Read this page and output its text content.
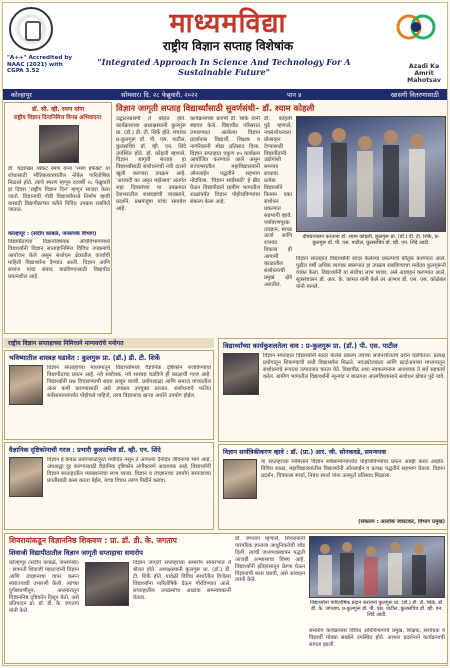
"A++" Accredited by NAAC (2021) with CGPA 3.52
माध्यमविद्या
राष्ट्रीय विज्ञान सप्ताह विशेषांक
"Integrated Approach In Science And Technology For A Sustainable Future"
Azadi Ka Amrit Mahotsav
कोल्हापूर	सोमवार। दि. २८ फेब्रुवारी, २०२२	पान ४	खासगी वितरणासाठी
डॉ. सी. व्ही. रमण यांना
राष्ट्रीय विज्ञान दिनानिमित्त विनम्र अभिवादन!
डॉ. चंद्रशेखर व्यंकट रमण यांना 'रमण इफेक्ट' या शोधासाठी भौतिकशास्त्रातील नोबेल पारितोषिक मिळाले होते. त्यांचे स्मरण म्हणून दरवर्षी २८ फेब्रुवारी हा दिवस 'राष्ट्रीय विज्ञान दिन' म्हणून साजरा केला जातो. विज्ञानाची गोडी विद्यार्थ्यांमध्ये निर्माण व्हावी यासाठी विद्यापीठाच्या वतीने विविध उपक्रम राबविले जातात.
कोल्हापूर : (संदीप कांबळे, जनसंपर्क विभाग)
विद्यापीठाच्या विज्ञानविषयक अधिविभागांमध्ये विद्यार्थ्यांनी विज्ञान सप्ताहानिमित्त विविध उपक्रमांचे आयोजन केले असून संशोधन क्षेत्रातील कार्याची माहिती विद्यार्थ्यांना देण्यात आली. विज्ञान आणि समाज यांचा संवाद वाढविण्यासाठी विद्यापीठ प्रयत्नशील आहे.
विज्ञान जागृती सप्ताह विद्यार्थ्यांसाठी सुवर्णसंधी– डॉ. श्याम कोहली
उद्घाटनप्रसंगी ते बोलत होते. कार्यक्रमाच्या अध्यक्षस्थानी कुलगुरू प्रा. (डॉ.) डी. टी. शिर्के होते. मंचावर प्र-कुलगुरू डॉ. पी. एस. पाटील, कुलसचिव डॉ. व्ही. एन. शिंदे उपस्थित होते. डॉ. कोहली म्हणाले, विज्ञान जागृती सप्ताह हा विद्यार्थ्यांसाठी संशोधनाची नवी दालने खुली करणारा उपक्रम आहे. 'आजादी का अमृत महोत्सव' अंतर्गत सहा दिवसांच्या या उपक्रमात देशभरातील शास्त्रज्ञांची व्याख्याने, प्रदर्शने, प्रश्नमंजूषा यांचा समावेश आहे.
कार्यक्रमाच्या प्रारंभी डॉ. शिर्के यांनी स्वागत केले. विद्यापीठ परिसरात उभारण्यात आलेल्या विज्ञान प्रदर्शनास विद्यार्थी, शिक्षक व नागरिकांनी मोठा प्रतिसाद दिला. विज्ञान सप्ताहात एकूण ४५ कार्यक्रम आयोजित करण्यात आले असून राज्यभरातील महाविद्यालयांनी ऑनलाईन पद्धतीने सहभाग नोंदविला. 'विज्ञान सर्वांसाठी' हे ब्रीद घेऊन विद्यापीठाने ग्रामीण भागातील शाळांपर्यंत विज्ञान पोहोचविण्याचा संकल्प केला आहे.
डॉ. कोहली पुढे म्हणाले, नवसंशोधनाला प्रोत्साहन देण्यासाठी विद्यापीठांनी उद्योगांशी समन्वय साधावा. प्रत्येक विद्यार्थ्याने किमान एका संशोधन प्रकल्पात सहभागी व्हावे. पर्यावरणपूरक तंत्रज्ञान, स्वच्छ ऊर्जा आणि शाश्वत विकास ही आगामी काळातील संशोधनाची प्रमुख क्षेत्रे असतील.
दीपप्रज्वलन करताना डॉ. श्याम कोहली, कुलगुरू प्रा. (डॉ.) डी. टी. शिर्के, प्र-कुलगुरू डॉ. पी. एस. पाटील, कुलसचिव डॉ. व्ही. एन. शिंदे आदी.
विज्ञान सप्ताहात विद्यार्थ्यांनी सादर केलेल्या प्रकल्पांचे कौतुक करण्यात आले. पुढील वर्षी अधिक व्यापक स्वरूपात हा उपक्रम राबविण्याचा मनोदय कुलगुरूंनी व्यक्त केला. विद्यार्थ्यांनी या संधीचा लाभ घ्यावा, असे आवाहन करण्यात आले. सूत्रसंचालन डॉ. आर. के. कामत यांनी केले तर आभार डॉ. एस. एस. कोळेकर यांनी मानले.
राष्ट्रीय विज्ञान सप्ताहाच्या निमित्ताने मान्यवरांचे मनोगत
भविष्यातील शास्त्रज्ञ घडावेत : कुलगुरू प्रा. (डॉ.) डी. टी. शिर्के
विज्ञान सप्ताहाच्या माध्यमातून विद्यार्थ्यांमध्ये वैज्ञानिक दृष्टिकोन रुजविण्याचा विद्यापीठाचा प्रयत्न आहे. नवे संशोधक, नवे शास्त्रज्ञ घडविणे ही काळाची गरज आहे. विद्यार्थ्यांनी प्रश्न विचारण्याची सवय लावून घ्यावी. प्रयोगशाळा आणि समाज यांच्यातील अंतर कमी करण्यासाठी असे उपक्रम उपयुक्त ठरतात. संशोधनाचे फलित सर्वसामान्यांपर्यंत पोहोचले पाहिजे, तरच विज्ञानाचा खऱ्या अर्थाने उपयोग होईल.
वैज्ञानिक दृष्टिकोनाची गरज : प्रभारी कुलसचिव डॉ. व्ही. एन. शिंदे
विज्ञान हे केवळ प्रयोगशाळेपुरते मर्यादित नसून ते आपल्या दैनंदिन जीवनाचा भाग आहे. अंधश्रद्धा दूर करण्यासाठी वैज्ञानिक दृष्टिकोन अंगीकारणे आवश्यक आहे. विद्यार्थ्यांनी विज्ञान सप्ताहातील व्याख्यानांचा लाभ घ्यावा. विज्ञान व तंत्रज्ञानाचा उपयोग समाजाच्या प्रगतीसाठी कसा करता येईल, याचा विचार तरुण पिढीने करावा.
विद्यार्थ्यांच्या कार्यकुशलतेला वाव : प्र-कुलगुरू प्रा. (डॉ.) पी. एस. पाटील
विज्ञान सप्ताहात विद्यार्थ्यांनी सादर केलेले प्रकल्प त्यांच्या सर्जनशीलतेचे दर्शन घडवितात. प्रत्यक्ष प्रयोगातून शिकण्याची संधी विद्यार्थ्यांना मिळते. नवउद्योजकता आणि स्टार्टअपच्या माध्यमातून संशोधनाचे रूपांतर उत्पादनात करता येते. विद्यापीठ अशा नवकल्पनांना आवश्यक ते सर्व सहकार्य करेल. ग्रामीण भागातील विद्यार्थ्यांनी न्यूनगंड न बाळगता आत्मविश्वासाने संशोधन क्षेत्रात पुढे यावे.
विज्ञान सार्वत्रिकीकरण व्हावे : डॉ. (प्रा.) आर. जी. सोनकवडे, समन्वयक
या सप्ताहाच्या निमित्ताने विज्ञान सर्वसामान्यांपर्यंत पोहोचविण्याचा प्रयत्न आम्ही करत आहोत. विविध शाळा, महाविद्यालयांतील विद्यार्थ्यांनी ऑनलाईन व प्रत्यक्ष पद्धतीने सहभाग घेतला. विज्ञान प्रदर्शन, चित्रकला स्पर्धा, निबंध स्पर्धा यांना उत्स्फूर्त प्रतिसाद मिळाला.
(संकलन : आलोक जत्राटकर, विभाग प्रमुख)
शिवरायांकडून विज्ञाननिष्ठ शिकवण : प्रा. डॉ. डी. के. जगताप
शिवाजी विद्यापीठातील विज्ञान जागृती सप्ताहाचा समारोप
कोल्हापूर (संदीप कांबळे, जनसंपर्क) : छत्रपती शिवाजी महाराजांनी विज्ञान आणि तंत्रज्ञानाचा वापर करून स्वराज्याची उभारणी केली. त्यांच्या दुर्गबांधणीतून, आरमारातून विज्ञाननिष्ठ दृष्टिकोन दिसून येतो, असे प्रतिपादन प्रा. डॉ. डी. के. जगताप यांनी केले.
विज्ञान जागृती सप्ताहाच्या समारोप समारंभात ते बोलत होते. अध्यक्षस्थानी कुलगुरू प्रा. (डॉ.) डी. टी. शिर्के होते. यावेळी विविध स्पर्धांतील विजेत्या विद्यार्थ्यांना पारितोषिके देऊन गौरविण्यात आले. सप्ताहातील उपक्रमांचा आढावा समन्वयकांनी घेतला.
डॉ. जगताप म्हणाले, शिवरायांनी पारंपरिक ज्ञानाला आधुनिकतेची जोड दिली. त्यांची जलव्यवस्थापन पद्धती आजही अभ्यासाचा विषय आहे. विद्यार्थ्यांनी इतिहासातून प्रेरणा घेऊन विज्ञानाची कास धरावी, असे आवाहन त्यांनी केले.
विद्यार्थ्यांना पारितोषिक प्रदान करताना कुलगुरू प्रा. (डॉ.) डी. टी. शिर्के, डॉ. डी. के. जगताप, प्र-कुलगुरू डॉ. पी. एस. पाटील, कुलसचिव डॉ. व्ही. एन. शिंदे आदी.
समारोप कार्यक्रमास विविध अधिविभागांचे प्रमुख, शिक्षक, संशोधक व विद्यार्थी मोठ्या संख्येने उपस्थित होते. आभार प्रदर्शनाने कार्यक्रमाची सांगता झाली.
